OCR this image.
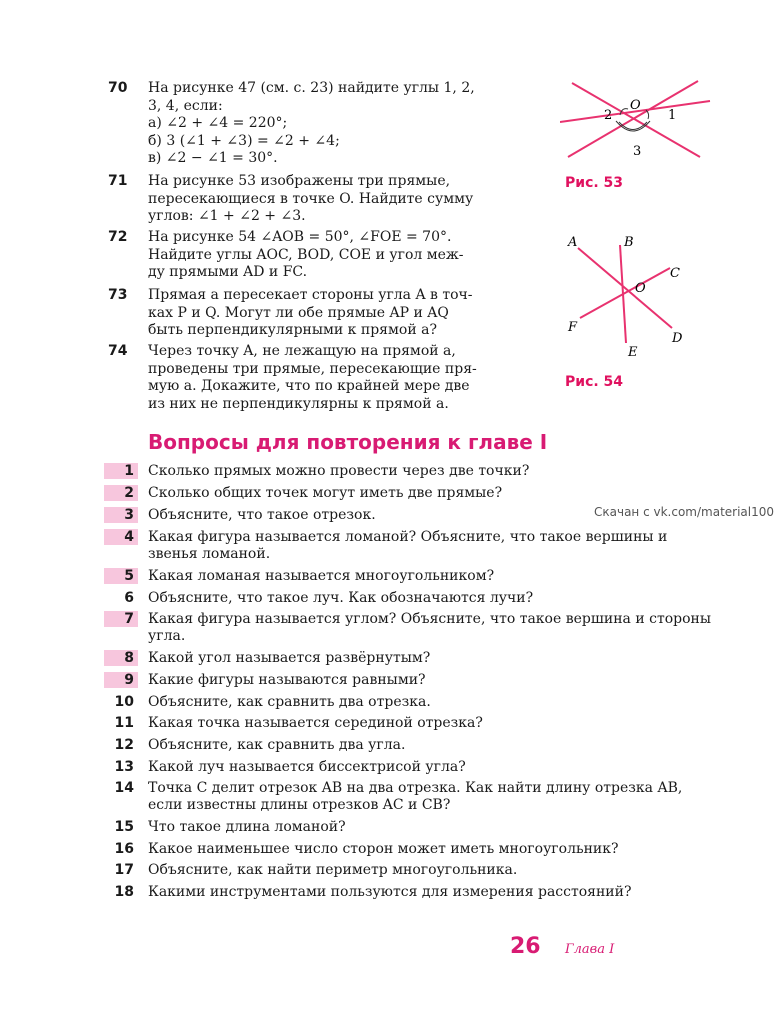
70 На рисунке 47 (см. с. 23) найдите углы 1, 2,
3, 4, если:
а) ∠2 + ∠4 = 220°;
б) 3 (∠1 + ∠3) = ∠2 + ∠4;
в) ∠2 − ∠1 = 30°.
71 На рисунке 53 изображены три прямые,
пересекающиеся в точке O. Найдите сумму
углов: ∠1 + ∠2 + ∠3.
72 На рисунке 54 ∠AOB = 50°, ∠FOE = 70°.
Найдите углы AOC, BOD, COE и угол меж-
ду прямыми AD и FC.
73 Прямая a пересекает стороны угла A в точ-
ках P и Q. Могут ли обе прямые AP и AQ
быть перпендикулярными к прямой a?
74 Через точку A, не лежащую на прямой a,
проведены три прямые, пересекающие пря-
мую a. Докажите, что по крайней мере две
из них не перпендикулярны к прямой a.
O
2	1
3
Рис. 53
A	B
C
O
F
D
E
Рис. 54
Вопросы для повторения к главе I
Скачан с vk.com/material100
1 Сколько прямых можно провести через две точки?
2 Сколько общих точек могут иметь две прямые?
3 Объясните, что такое отрезок.
4 Какая фигура называется ломаной? Объясните, что такое вершины и звенья ломаной.
5 Какая ломаная называется многоугольником?
6 Объясните, что такое луч. Как обозначаются лучи?
7 Какая фигура называется углом? Объясните, что такое вершина и стороны угла.
8 Какой угол называется развёрнутым?
9 Какие фигуры называются равными?
10 Объясните, как сравнить два отрезка.
11 Какая точка называется серединой отрезка?
12 Объясните, как сравнить два угла.
13 Какой луч называется биссектрисой угла?
14 Точка C делит отрезок AB на два отрезка. Как найти длину отрезка AB, если известны длины отрезков AC и CB?
15 Что такое длина ломаной?
16 Какое наименьшее число сторон может иметь многоугольник?
17 Объясните, как найти периметр многоугольника.
18 Какими инструментами пользуются для измерения расстояний?
26 Глава I
